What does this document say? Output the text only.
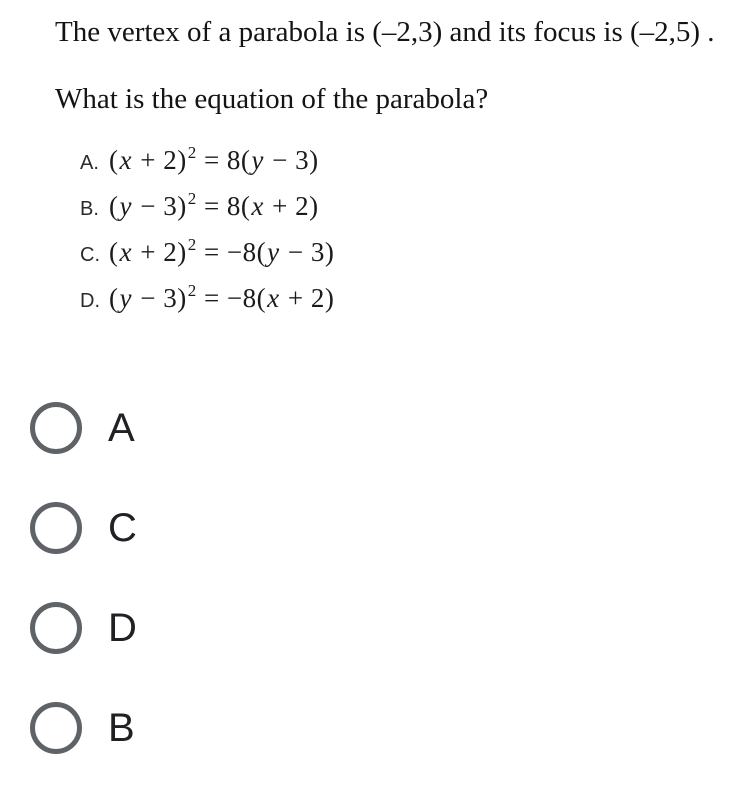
The vertex of a parabola is (–2,3) and its focus is (–2,5) .

What is the equation of the parabola?

A. $(x + 2)^2 = 8(y - 3)$
B. $(y - 3)^2 = 8(x + 2)$
C. $(x + 2)^2 = -8(y - 3)$
D. $(y - 3)^2 = -8(x + 2)$
A
C
D
B
